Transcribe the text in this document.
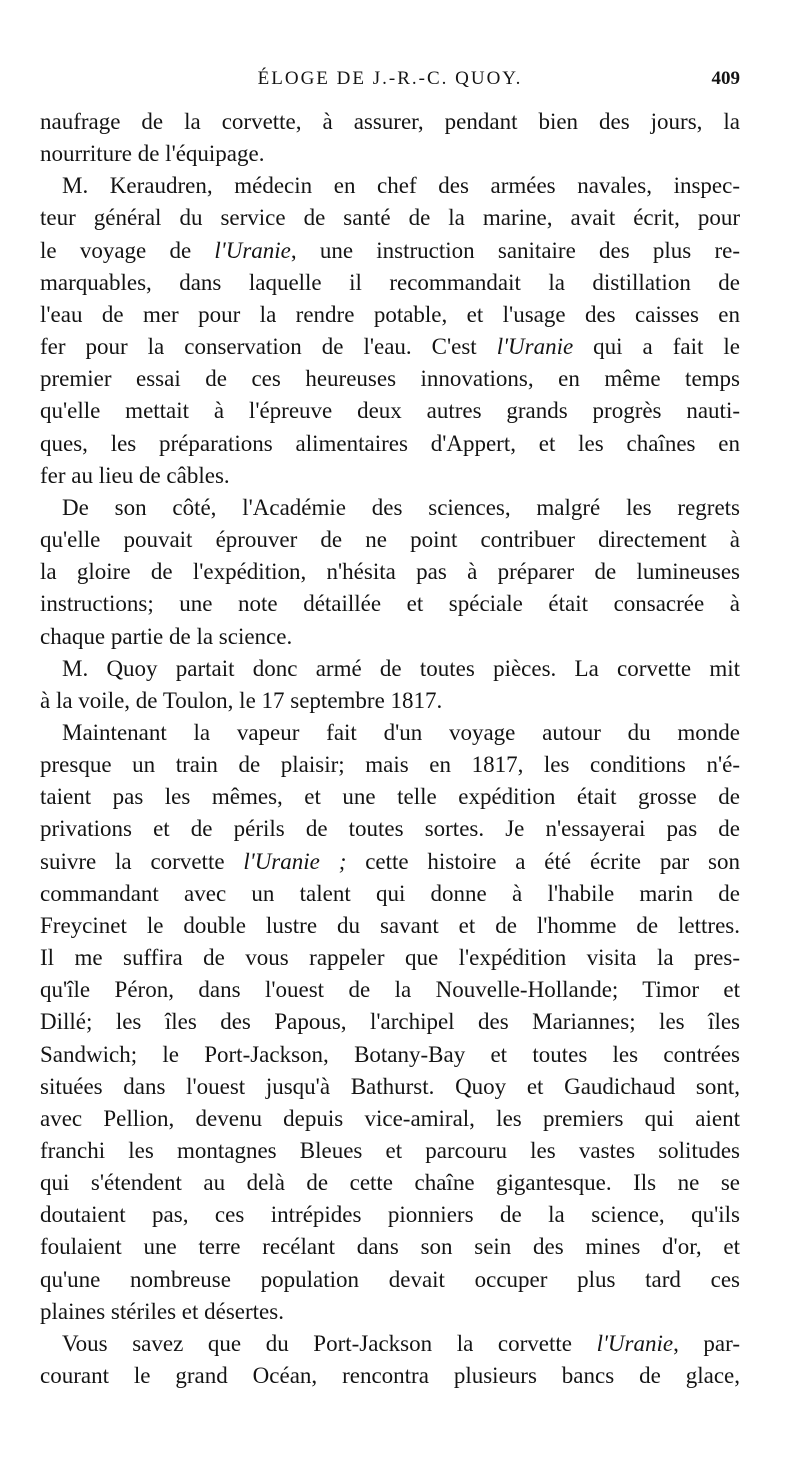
ÉLOGE DE J.-R.-C. QUOY.	409
naufrage de la corvette, à assurer, pendant bien des jours, la
nourriture de l'équipage.
M. Keraudren, médecin en chef des armées navales, inspec-
teur général du service de santé de la marine, avait écrit, pour
le voyage de l'Uranie, une instruction sanitaire des plus re-
marquables, dans laquelle il recommandait la distillation de
l'eau de mer pour la rendre potable, et l'usage des caisses en
fer pour la conservation de l'eau. C'est l'Uranie qui a fait le
premier essai de ces heureuses innovations, en même temps
qu'elle mettait à l'épreuve deux autres grands progrès nauti-
ques, les préparations alimentaires d'Appert, et les chaînes en
fer au lieu de câbles.
De son côté, l'Académie des sciences, malgré les regrets
qu'elle pouvait éprouver de ne point contribuer directement à
la gloire de l'expédition, n'hésita pas à préparer de lumineuses
instructions; une note détaillée et spéciale était consacrée à
chaque partie de la science.
M. Quoy partait donc armé de toutes pièces. La corvette mit
à la voile, de Toulon, le 17 septembre 1817.
Maintenant la vapeur fait d'un voyage autour du monde
presque un train de plaisir; mais en 1817, les conditions n'é-
taient pas les mêmes, et une telle expédition était grosse de
privations et de périls de toutes sortes. Je n'essayerai pas de
suivre la corvette l'Uranie ; cette histoire a été écrite par son
commandant avec un talent qui donne à l'habile marin de
Freycinet le double lustre du savant et de l'homme de lettres.
Il me suffira de vous rappeler que l'expédition visita la pres-
qu'île Péron, dans l'ouest de la Nouvelle-Hollande; Timor et
Dillé; les îles des Papous, l'archipel des Mariannes; les îles
Sandwich; le Port-Jackson, Botany-Bay et toutes les contrées
situées dans l'ouest jusqu'à Bathurst. Quoy et Gaudichaud sont,
avec Pellion, devenu depuis vice-amiral, les premiers qui aient
franchi les montagnes Bleues et parcouru les vastes solitudes
qui s'étendent au delà de cette chaîne gigantesque. Ils ne se
doutaient pas, ces intrépides pionniers de la science, qu'ils
foulaient une terre recélant dans son sein des mines d'or, et
qu'une nombreuse population devait occuper plus tard ces
plaines stériles et désertes.
Vous savez que du Port-Jackson la corvette l'Uranie, par-
courant le grand Océan, rencontra plusieurs bancs de glace,
